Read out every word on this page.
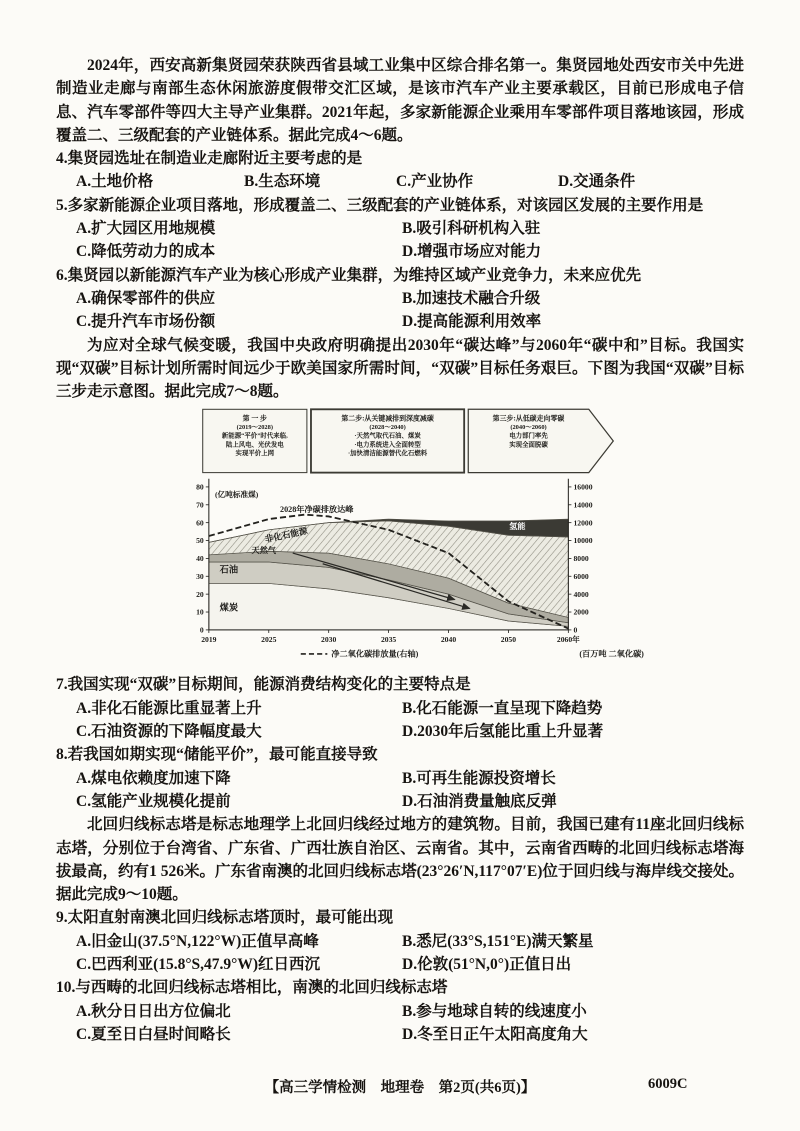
2024年，西安高新集贤园荣获陕西省县域工业集中区综合排名第一。集贤园地处西安市关中先进制造业走廊与南部生态休闲旅游度假带交汇区域，是该市汽车产业主要承载区，目前已形成电子信息、汽车零部件等四大主导产业集群。2021年起，多家新能源企业乘用车零部件项目落地该园，形成覆盖二、三级配套的产业链体系。据此完成4～6题。

4.集贤园选址在制造业走廊附近主要考虑的是

A.土地价格	B.生态环境	C.产业协作	D.交通条件

5.多家新能源企业项目落地，形成覆盖二、三级配套的产业链体系，对该园区发展的主要作用是

A.扩大园区用地规模	B.吸引科研机构入驻
C.降低劳动力的成本	D.增强市场应对能力

6.集贤园以新能源汽车产业为核心形成产业集群，为维持区域产业竞争力，未来应优先

A.确保零部件的供应	B.加速技术融合升级
C.提升汽车市场份额	D.提高能源利用效率

为应对全球气候变暖，我国中央政府明确提出2030年“碳达峰”与2060年“碳中和”目标。我国实现“双碳”目标计划所需时间远少于欧美国家所需时间，“双碳”目标任务艰巨。下图为我国“双碳”目标三步走示意图。据此完成7～8题。

0
10
20
30
40
50
60
70
80
0
2000
4000
6000
8000
10000
12000
14000
16000
2019	2025	2030	2035	2040	2050	2060年
(亿吨标准煤)
2028年净碳排放达峰
煤炭
石油
天然气
非化石能源	氢能
净二氧化碳排放量(右轴)	(百万吨 二氧化碳)
第 一 步
(2019～2028)
新能源“平价”时代来临,
陆上风电、光伏发电
实现平价上网
第二步:从关键减排到深度减碳
(2028～2040)
·天然气取代石油、煤炭
·电力系统进入全面转型
·加快清洁能源替代化石燃料
第三步:从低碳走向零碳
(2040～2060)
电力部门率先
实现全面脱碳

7.我国实现“双碳”目标期间，能源消费结构变化的主要特点是

A.非化石能源比重显著上升	B.化石能源一直呈现下降趋势
C.石油资源的下降幅度最大	D.2030年后氢能比重上升显著

8.若我国如期实现“储能平价”，最可能直接导致

A.煤电依赖度加速下降	B.可再生能源投资增长
C.氢能产业规模化提前	D.石油消费量触底反弹

北回归线标志塔是标志地理学上北回归线经过地方的建筑物。目前，我国已建有11座北回归线标志塔，分别位于台湾省、广东省、广西壮族自治区、云南省。其中，云南省西畴的北回归线标志塔海拔最高，约有1 526米。广东省南澳的北回归线标志塔(23°26′N,117°07′E)位于回归线与海岸线交接处。据此完成9～10题。

9.太阳直射南澳北回归线标志塔顶时，最可能出现

A.旧金山(37.5°N,122°W)正值早高峰	B.悉尼(33°S,151°E)满天繁星
C.巴西利亚(15.8°S,47.9°W)红日西沉	D.伦敦(51°N,0°)正值日出

10.与西畴的北回归线标志塔相比，南澳的北回归线标志塔

A.秋分日日出方位偏北	B.参与地球自转的线速度小
C.夏至日白昼时间略长	D.冬至日正午太阳高度角大
【高三学情检测　地理卷　第2页(共6页)】	6009C
